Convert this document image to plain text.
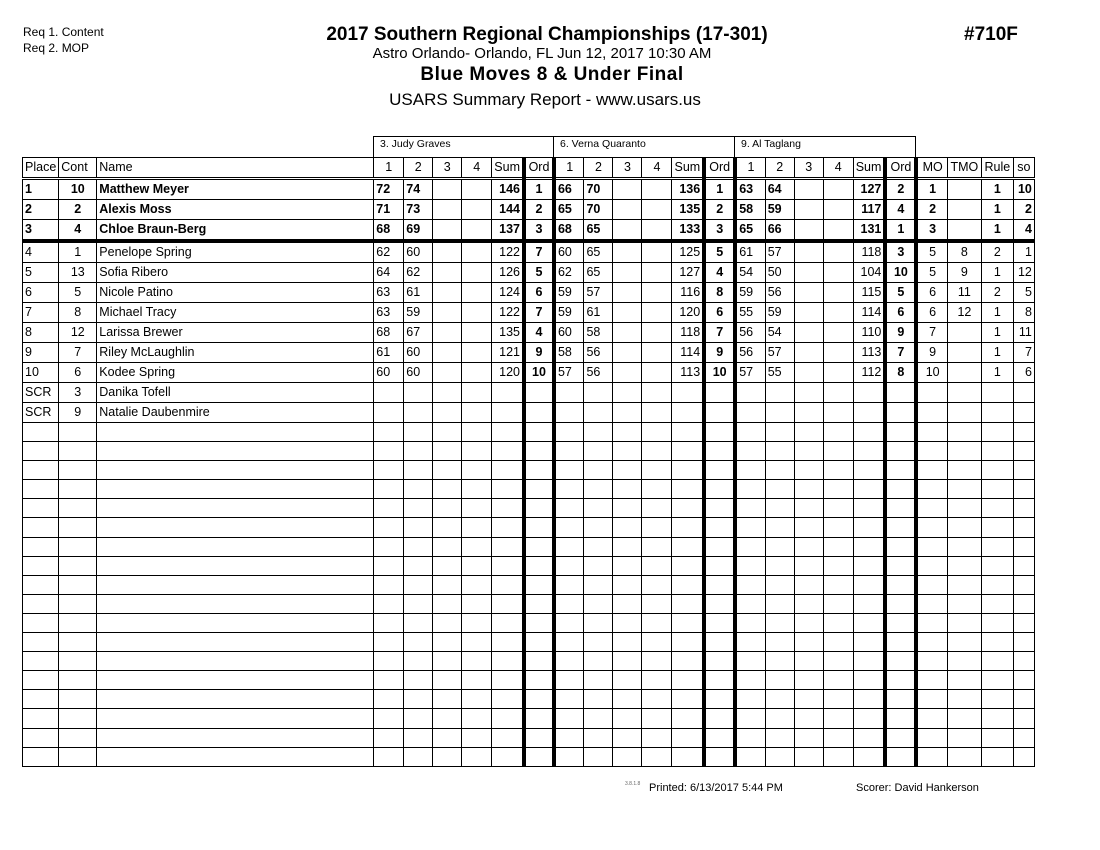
Req 1. Content
Req 2. MOP
2017 Southern Regional Championships (17-301)
Astro Orlando- Orlando, FL Jun 12, 2017 10:30 AM
Blue Moves 8 & Under Final
USARS Summary Report - www.usars.us
#710F
3. Judy Graves	6. Verna Quaranto	9. Al Taglang
Place	Cont	Name	1	2	3	4	Sum	Ord	1	2	3	4	Sum	Ord	1	2	3	4	Sum	Ord	MO	TMO	Rule	so
1	10	Matthew Meyer	72	74			146	1	66	70			136	1	63	64			127	2	1		1	10
2	2	Alexis Moss	71	73			144	2	65	70			135	2	58	59			117	4	2		1	2
3	4	Chloe Braun-Berg	68	69			137	3	68	65			133	3	65	66			131	1	3		1	4
4	1	Penelope Spring	62	60			122	7	60	65			125	5	61	57			118	3	5	8	2	1
5	13	Sofia Ribero	64	62			126	5	62	65			127	4	54	50			104	10	5	9	1	12
6	5	Nicole Patino	63	61			124	6	59	57			116	8	59	56			115	5	6	11	2	5
7	8	Michael Tracy	63	59			122	7	59	61			120	6	55	59			114	6	6	12	1	8
8	12	Larissa Brewer	68	67			135	4	60	58			118	7	56	54			110	9	7		1	11
9	7	Riley McLaughlin	61	60			121	9	58	56			114	9	56	57			113	7	9		1	7
10	6	Kodee Spring	60	60			120	10	57	56			113	10	57	55			112	8	10		1	6
SCR	3	Danika Tofell																						
SCR	9	Natalie Daubenmire																						

3.8.1.8 Printed: 6/13/2017 5:44 PM	Scorer: David Hankerson
